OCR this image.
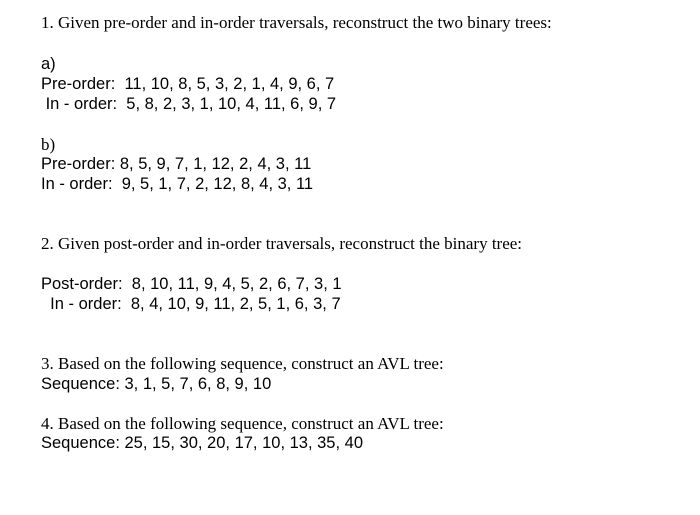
1. Given pre-order and in-order traversals, reconstruct the two binary trees:
a)
Pre-order:  11, 10, 8, 5, 3, 2, 1, 4, 9, 6, 7
In - order:  5, 8, 2, 3, 1, 10, 4, 11, 6, 9, 7
b)
Pre-order: 8, 5, 9, 7, 1, 12, 2, 4, 3, 11
In - order:  9, 5, 1, 7, 2, 12, 8, 4, 3, 11
2. Given post-order and in-order traversals, reconstruct the binary tree:
Post-order:  8, 10, 11, 9, 4, 5, 2, 6, 7, 3, 1
In - order:  8, 4, 10, 9, 11, 2, 5, 1, 6, 3, 7
3. Based on the following sequence, construct an AVL tree:
Sequence: 3, 1, 5, 7, 6, 8, 9, 10
4. Based on the following sequence, construct an AVL tree:
Sequence: 25, 15, 30, 20, 17, 10, 13, 35, 40
